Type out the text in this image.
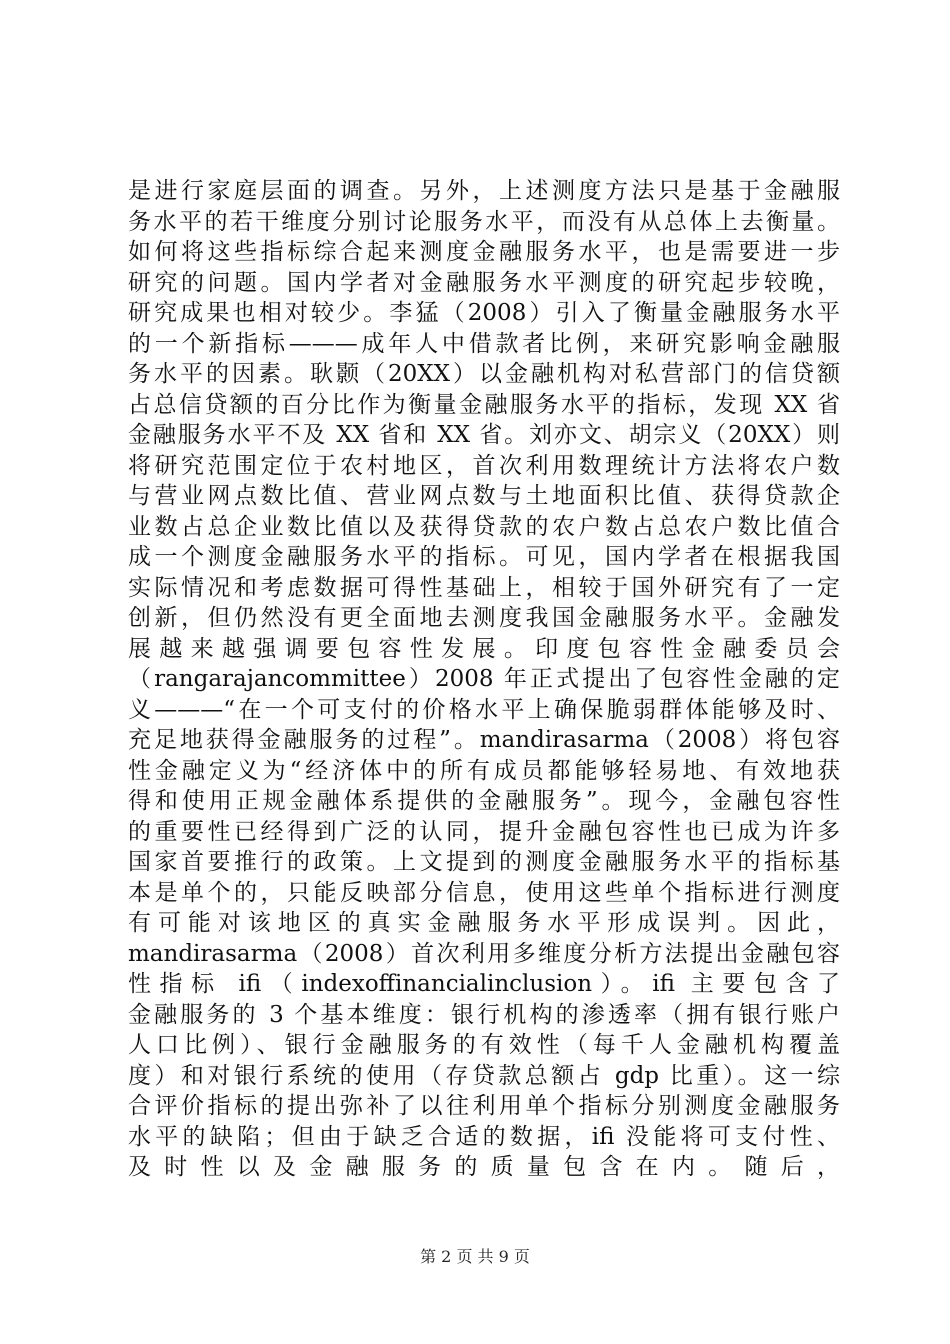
是进行家庭层面的调查。另外，上述测度方法只是基于金融服
务水平的若干维度分别讨论服务水平，而没有从总体上去衡量。
如何将这些指标综合起来测度金融服务水平，也是需要进一步
研究的问题。国内学者对金融服务水平测度的研究起步较晚，
研究成果也相对较少。李猛（2008）引入了衡量金融服务水平
的一个新指标———成年人中借款者比例，来研究影响金融服
务水平的因素。耿颢（20XX）以金融机构对私营部门的信贷额
占总信贷额的百分比作为衡量金融服务水平的指标，发现 XX 省
金融服务水平不及 XX 省和 XX 省。刘亦文、胡宗义（20XX）则
将研究范围定位于农村地区，首次利用数理统计方法将农户数
与营业网点数比值、营业网点数与土地面积比值、获得贷款企
业数占总企业数比值以及获得贷款的农户数占总农户数比值合
成一个测度金融服务水平的指标。可见，国内学者在根据我国
实际情况和考虑数据可得性基础上，相较于国外研究有了一定
创新，但仍然没有更全面地去测度我国金融服务水平。金融发
展越来越强调要包容性发展。印度包容性金融委员会
（rangarajancommittee）2008 年正式提出了包容性金融的定
义———“在一个可支付的价格水平上确保脆弱群体能够及时、
充足地获得金融服务的过程”。mandirasarma（2008）将包容
性金融定义为“经济体中的所有成员都能够轻易地、有效地获
得和使用正规金融体系提供的金融服务”。现今，金融包容性
的重要性已经得到广泛的认同，提升金融包容性也已成为许多
国家首要推行的政策。上文提到的测度金融服务水平的指标基
本是单个的，只能反映部分信息，使用这些单个指标进行测度
有可能对该地区的真实金融服务水平形成误判。因此，
mandirasarma（2008）首次利用多维度分析方法提出金融包容
性指标 ifi（indexoffinancialinclusion）。ifi 主要包含了
金融服务的 3 个基本维度：银行机构的渗透率（拥有银行账户
人口比例）、银行金融服务的有效性（每千人金融机构覆盖
度）和对银行系统的使用（存贷款总额占 gdp 比重）。这一综
合评价指标的提出弥补了以往利用单个指标分别测度金融服务
水平的缺陷；但由于缺乏合适的数据，ifi 没能将可支付性、
及时性以及金融服务的质量包含在内。随后，
第 2 页 共 9 页
